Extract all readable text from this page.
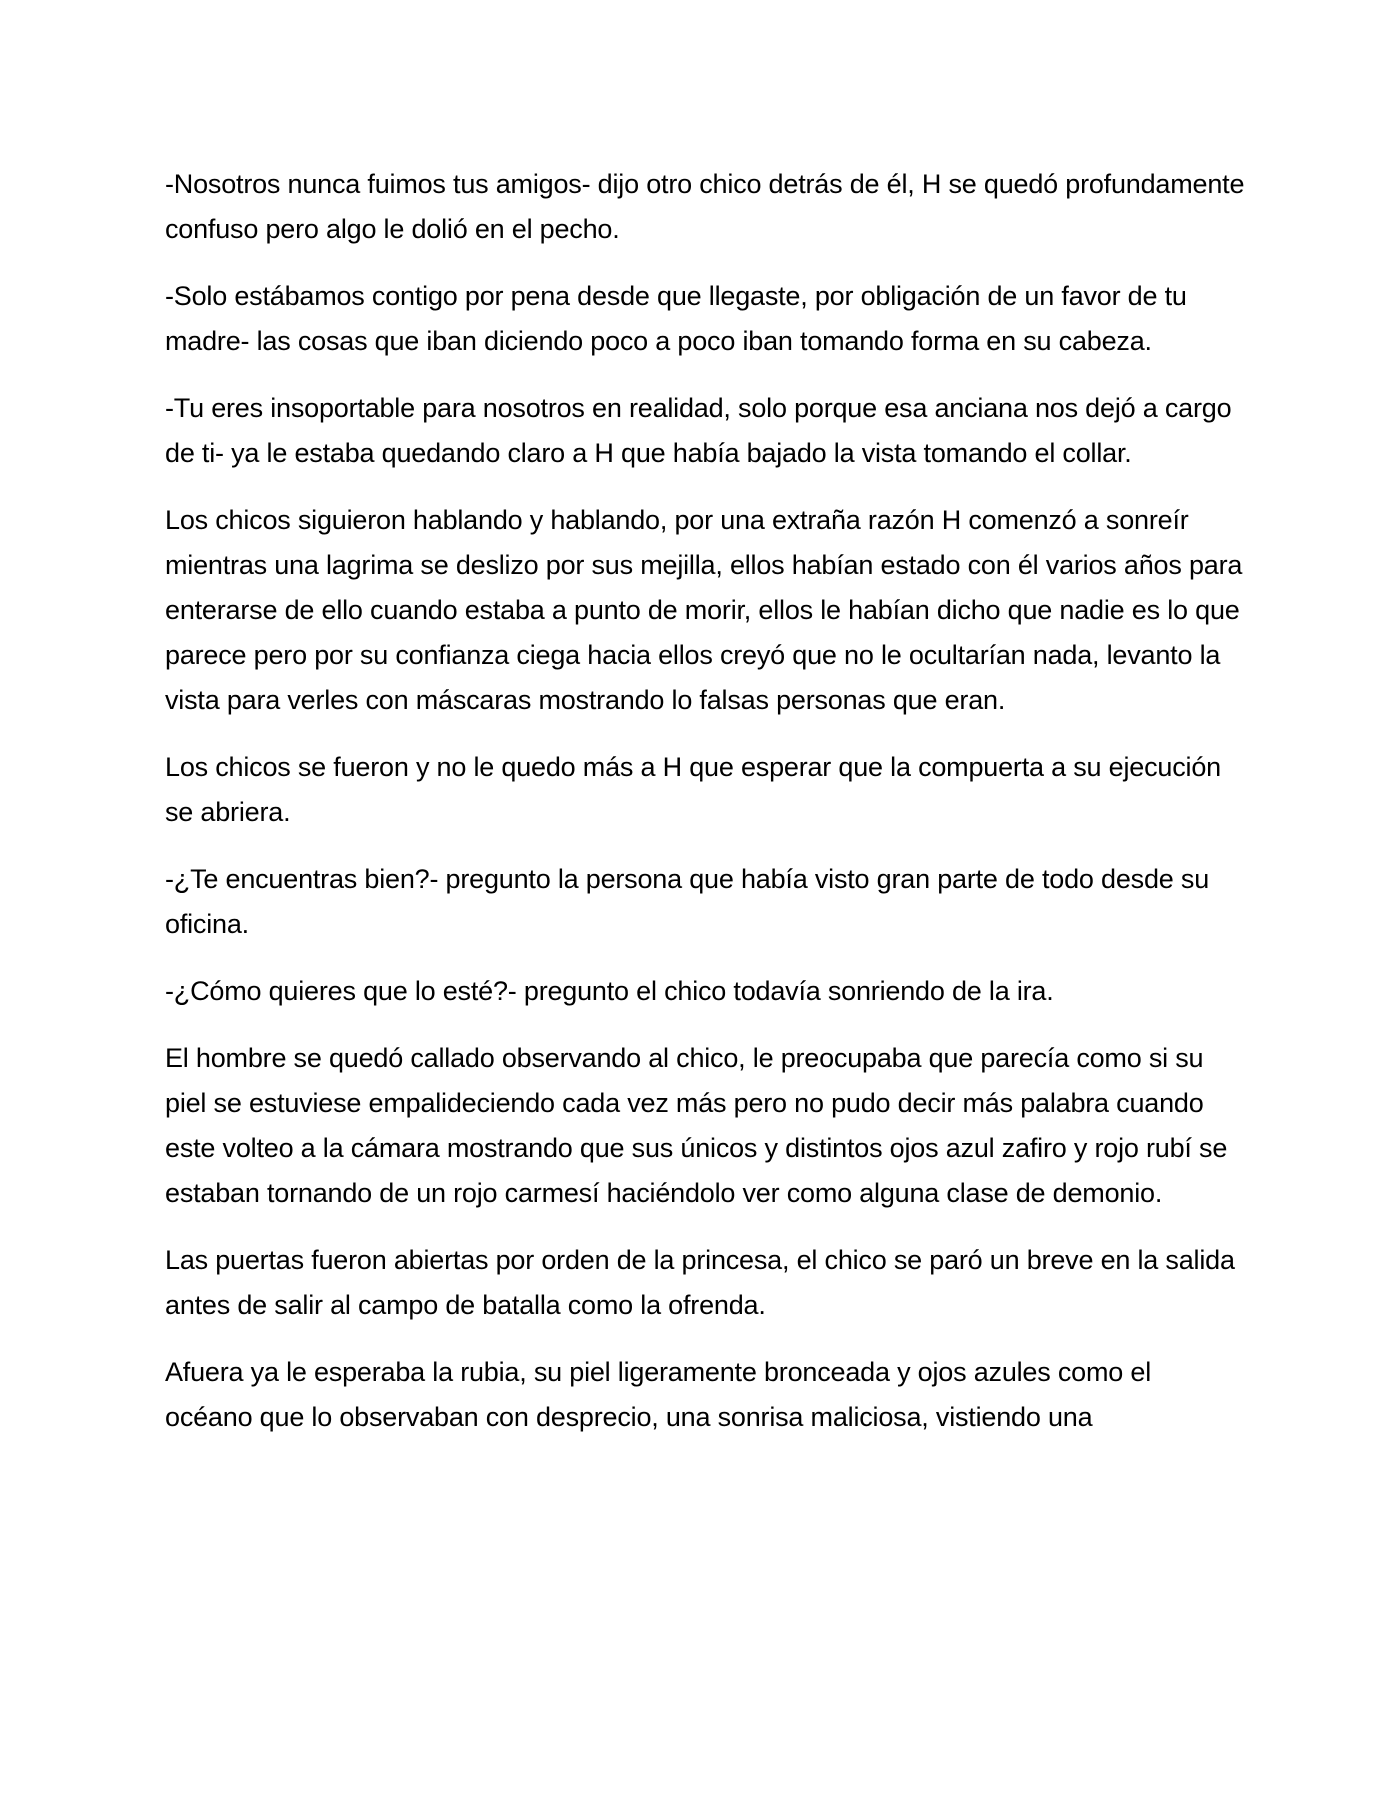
-Nosotros nunca fuimos tus amigos- dijo otro chico detrás de él, H se quedó profundamente confuso pero algo le dolió en el pecho.

-Solo estábamos contigo por pena desde que llegaste, por obligación de un favor de tu madre- las cosas que iban diciendo poco a poco iban tomando forma en su cabeza.

-Tu eres insoportable para nosotros en realidad, solo porque esa anciana nos dejó a cargo de ti- ya le estaba quedando claro a H que había bajado la vista tomando el collar.

Los chicos siguieron hablando y hablando, por una extraña razón H comenzó a sonreír mientras una lagrima se deslizo por sus mejilla, ellos habían estado con él varios años para enterarse de ello cuando estaba a punto de morir, ellos le habían dicho que nadie es lo que parece pero por su confianza ciega hacia ellos creyó que no le ocultarían nada, levanto la vista para verles con máscaras mostrando lo falsas personas que eran.

Los chicos se fueron y no le quedo más a H que esperar que la compuerta a su ejecución se abriera.

-¿Te encuentras bien?- pregunto la persona que había visto gran parte de todo desde su oficina.

-¿Cómo quieres que lo esté?- pregunto el chico todavía sonriendo de la ira.

El hombre se quedó callado observando al chico, le preocupaba que parecía como si su piel se estuviese empalideciendo cada vez más pero no pudo decir más palabra cuando este volteo a la cámara mostrando que sus únicos y distintos ojos azul zafiro y rojo rubí se estaban tornando de un rojo carmesí haciéndolo ver como alguna clase de demonio.

Las puertas fueron abiertas por orden de la princesa, el chico se paró un breve en la salida antes de salir al campo de batalla como la ofrenda.

Afuera ya le esperaba la rubia, su piel ligeramente bronceada y ojos azules como el océano que lo observaban con desprecio, una sonrisa maliciosa, vistiendo una
